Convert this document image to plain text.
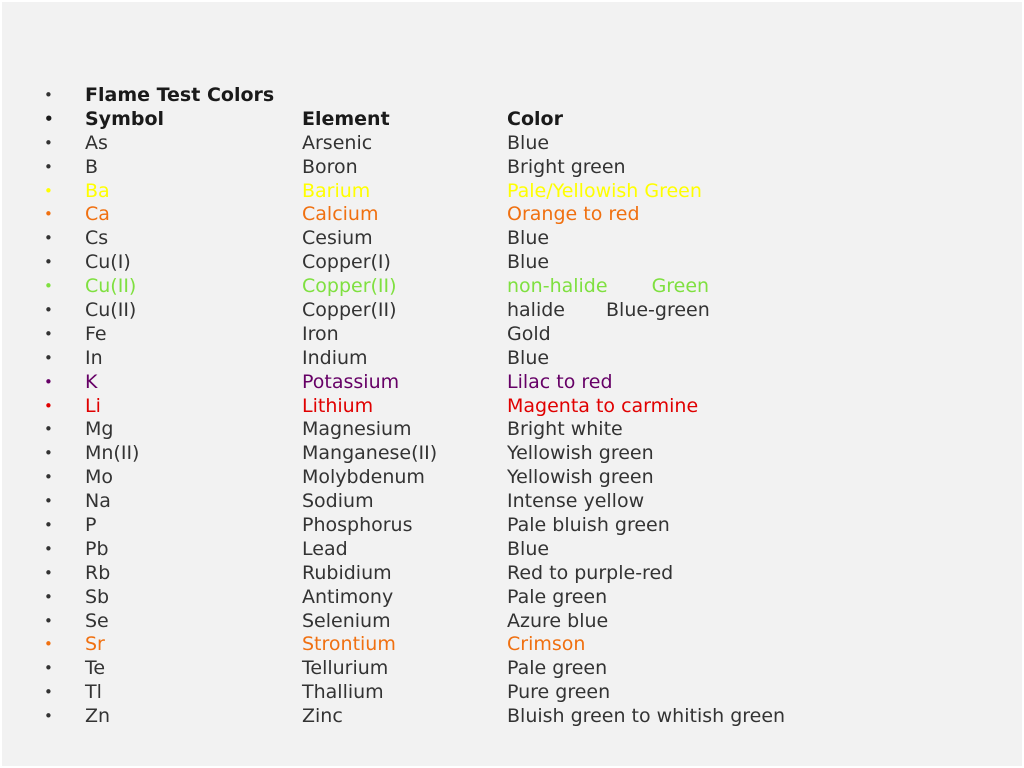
• Flame Test Colors
• Symbol	Element	Color
• As	Arsenic	Blue
• B	Boron	Bright green
• Ba	Barium	Pale/Yellowish Green
• Ca	Calcium	Orange to red
• Cs	Cesium	Blue
• Cu(I)	Copper(I)	Blue
• Cu(II)	Copper(II)	non-halide Green
• Cu(II)	Copper(II)	halide Blue-green
• Fe	Iron	Gold
• In	Indium	Blue
• K	Potassium	Lilac to red
• Li	Lithium	Magenta to carmine
• Mg	Magnesium	Bright white
• Mn(II)	Manganese(II)	Yellowish green
• Mo	Molybdenum	Yellowish green
• Na	Sodium	Intense yellow
• P	Phosphorus	Pale bluish green
• Pb	Lead	Blue
• Rb	Rubidium	Red to purple-red
• Sb	Antimony	Pale green
• Se	Selenium	Azure blue
• Sr	Strontium	Crimson
• Te	Tellurium	Pale green
• Tl	Thallium	Pure green
• Zn	Zinc	Bluish green to whitish green
